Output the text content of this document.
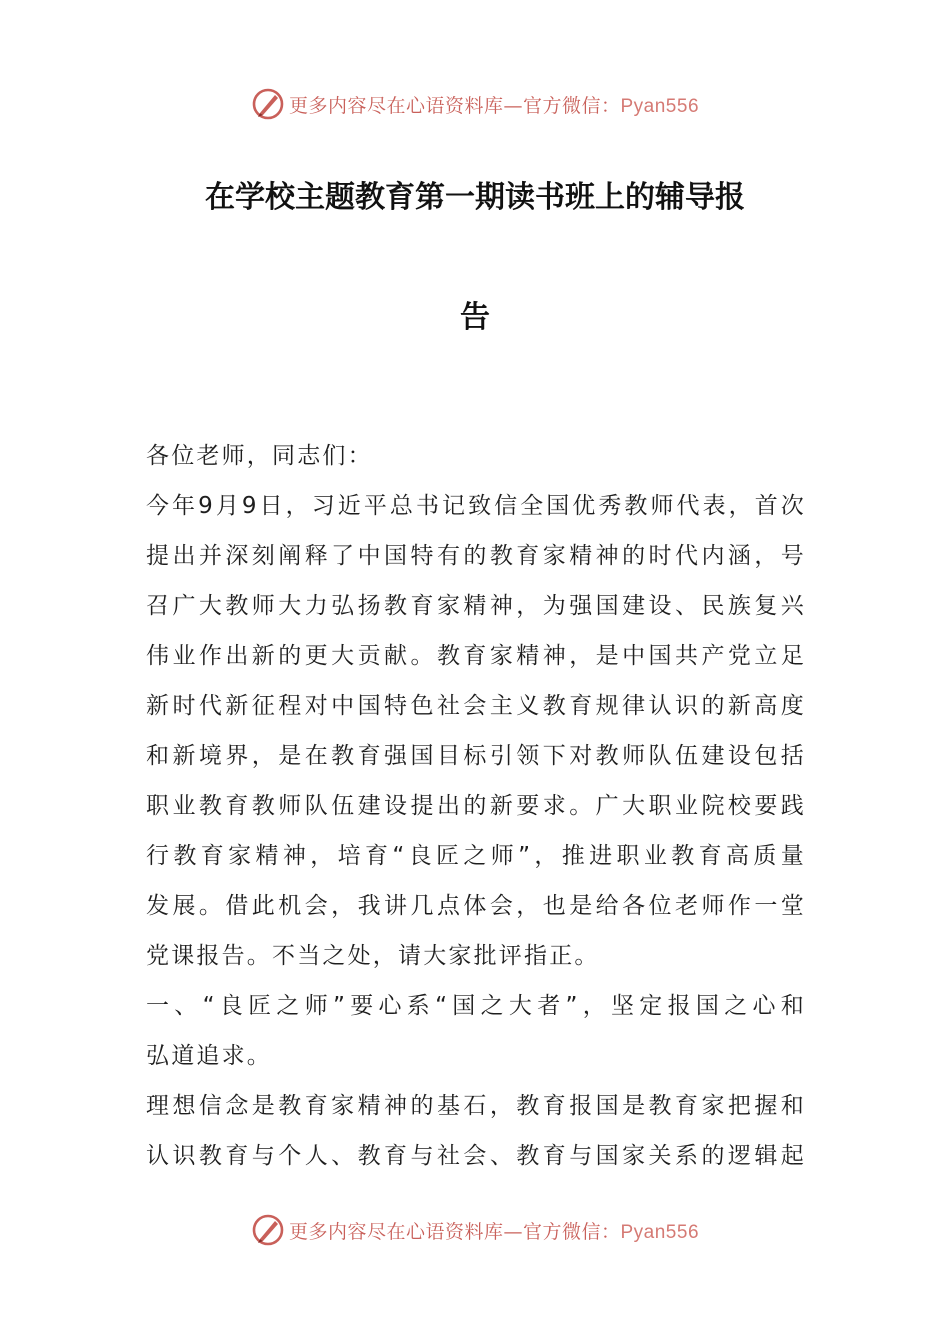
更多内容尽在心语资料库—官方微信：Pyan556
在学校主题教育第一期读书班上的辅导报
告
各位老师，同志们：
今年9月9日，习近平总书记致信全国优秀教师代表，首次
提出并深刻阐释了中国特有的教育家精神的时代内涵，号
召广大教师大力弘扬教育家精神，为强国建设、民族复兴
伟业作出新的更大贡献。教育家精神，是中国共产党立足
新时代新征程对中国特色社会主义教育规律认识的新高度
和新境界，是在教育强国目标引领下对教师队伍建设包括
职业教育教师队伍建设提出的新要求。广大职业院校要践
行教育家精神，培育“良匠之师”，推进职业教育高质量
发展。借此机会，我讲几点体会，也是给各位老师作一堂
党课报告。不当之处，请大家批评指正。
一、“良匠之师”要心系“国之大者”，坚定报国之心和
弘道追求。
理想信念是教育家精神的基石，教育报国是教育家把握和
认识教育与个人、教育与社会、教育与国家关系的逻辑起
更多内容尽在心语资料库—官方微信：Pyan556
